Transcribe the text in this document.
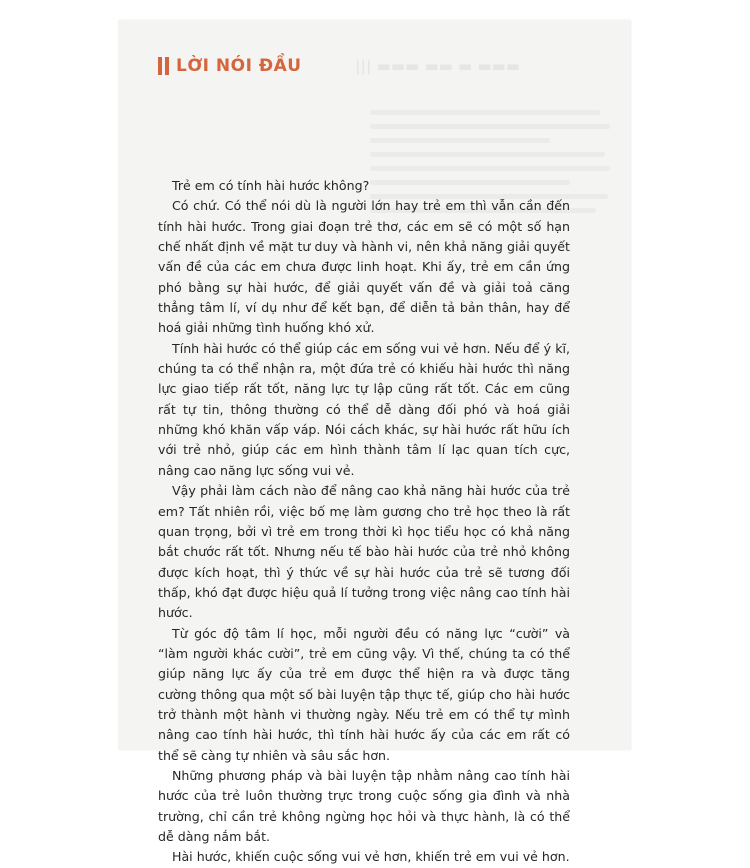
||| ▬▬▬ ▬▬ ▬ ▬▬▬
LỜI NÓI ĐẦU

Trẻ em có tính hài hước không?

Có chứ. Có thể nói dù là người lớn hay trẻ em thì vẫn cần đến tính hài hước. Trong giai đoạn trẻ thơ, các em sẽ có một số hạn chế nhất định về mặt tư duy và hành vi, nên khả năng giải quyết vấn đề của các em chưa được linh hoạt. Khi ấy, trẻ em cần ứng phó bằng sự hài hước, để giải quyết vấn đề và giải toả căng thẳng tâm lí, ví dụ như để kết bạn, để diễn tả bản thân, hay để hoá giải những tình huống khó xử.

Tính hài hước có thể giúp các em sống vui vẻ hơn. Nếu để ý kĩ, chúng ta có thể nhận ra, một đứa trẻ có khiếu hài hước thì năng lực giao tiếp rất tốt, năng lực tự lập cũng rất tốt. Các em cũng rất tự tin, thông thường có thể dễ dàng đối phó và hoá giải những khó khăn vấp váp. Nói cách khác, sự hài hước rất hữu ích với trẻ nhỏ, giúp các em hình thành tâm lí lạc quan tích cực, nâng cao năng lực sống vui vẻ.

Vậy phải làm cách nào để nâng cao khả năng hài hước của trẻ em? Tất nhiên rồi, việc bố mẹ làm gương cho trẻ học theo là rất quan trọng, bởi vì trẻ em trong thời kì học tiểu học có khả năng bắt chước rất tốt. Nhưng nếu tế bào hài hước của trẻ nhỏ không được kích hoạt, thì ý thức về sự hài hước của trẻ sẽ tương đối thấp, khó đạt được hiệu quả lí tưởng trong việc nâng cao tính hài hước.

Từ góc độ tâm lí học, mỗi người đều có năng lực “cười” và “làm người khác cười”, trẻ em cũng vậy. Vì thế, chúng ta có thể giúp năng lực ấy của trẻ em được thể hiện ra và được tăng cường thông qua một số bài luyện tập thực tế, giúp cho hài hước trở thành một hành vi thường ngày. Nếu trẻ em có thể tự mình nâng cao tính hài hước, thì tính hài hước ấy của các em rất có thể sẽ càng tự nhiên và sâu sắc hơn.

Những phương pháp và bài luyện tập nhằm nâng cao tính hài hước của trẻ luôn thường trực trong cuộc sống gia đình và nhà trường, chỉ cần trẻ không ngừng học hỏi và thực hành, là có thể dễ dàng nắm bắt.

Hài hước, khiến cuộc sống vui vẻ hơn, khiến trẻ em vui vẻ hơn.
